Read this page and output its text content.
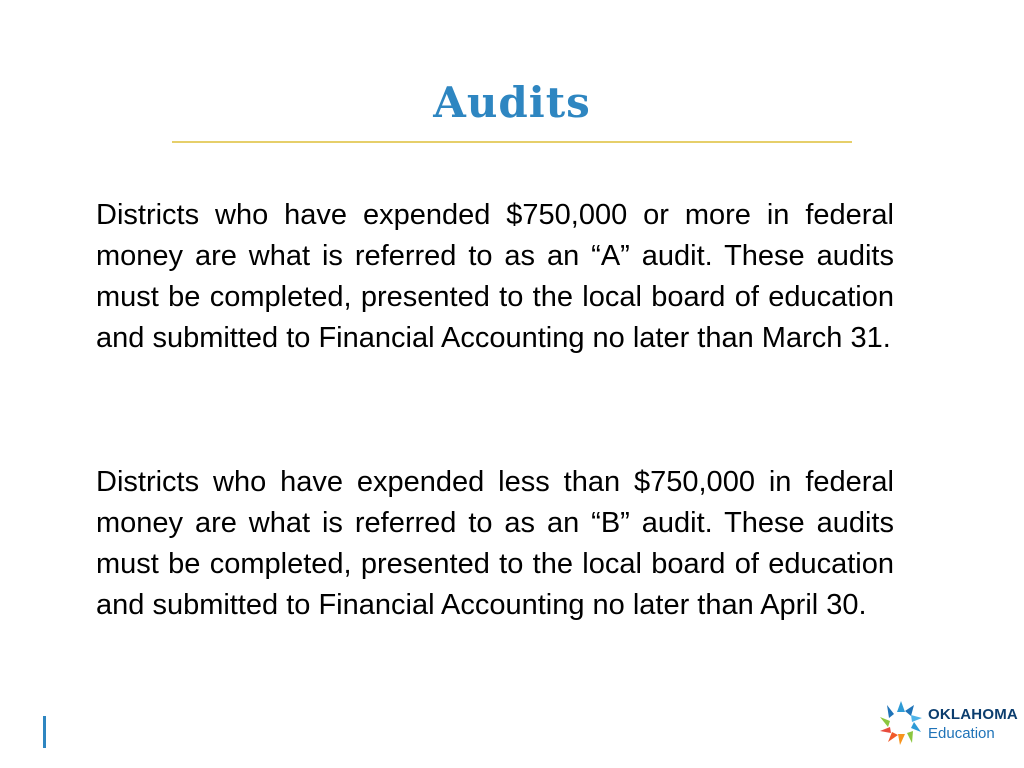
Audits

Districts who have expended $750,000 or more in federal money are what is referred to as an “A” audit. These audits must be completed, presented to the local board of education and submitted to Financial Accounting no later than March 31.

Districts who have expended less than $750,000 in federal money are what is referred to as an “B” audit. These audits must be completed, presented to the local board of education and submitted to Financial Accounting no later than April 30.

OKLAHOMA
Education
